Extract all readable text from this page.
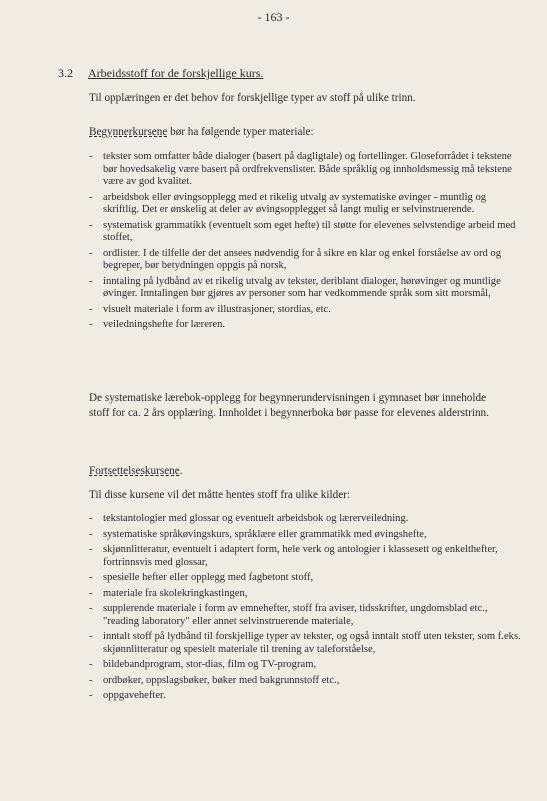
- 163 -
3.2 Arbeidsstoff for de forskjellige kurs.

Til opplæringen er det behov for forskjellige typer av stoff på ulike trinn.

Begynnerkursene bør ha følgende typer materiale:
- tekster som omfatter både dialoger (basert på dagligtale) og fortellinger. Gloseforrådet i tekstene bør hovedsakelig være basert på ordfrekvenslister. Både språklig og innholdsmessig må tekstene være av god kvalitet.
- arbeidsbok eller øvingsopplegg med et rikelig utvalg av systematiske øvinger - muntlig og skriftlig. Det er ønskelig at deler av øvingsopplegget så langt mulig er selvinstruerende.
- systematisk grammatikk (eventuelt som eget hefte) til støtte for elevenes selvstendige arbeid med stoffet,
- ordlister. I de tilfelle der det ansees nødvendig for å sikre en klar og enkel forståelse av ord og begreper, bør betydningen oppgis på norsk,
- inntaling på lydbånd av et rikelig utvalg av tekster, deriblant dialoger, hørøvinger og muntlige øvinger. Inntalingen bør gjøres av personer som har vedkommende språk som sitt morsmål,
- visuelt materiale i form av illustrasjoner, stordias, etc.
- veiledningshefte for læreren.

De systematiske lærebok-opplegg for begynnerundervisningen i gymnaset bør inneholde stoff for ca. 2 års opplæring. Innholdet i begynnerboka bør passe for elevenes alderstrinn.

Fortsettelseskursene.
Til disse kursene vil det måtte hentes stoff fra ulike kilder:
- tekstantologier med glossar og eventuelt arbeidsbok og lærerveiledning.
- systematiske språkøvingskurs, språklære eller grammatikk med øvingshefte,
- skjønnlitteratur, eventuelt i adaptert form, hele verk og antologier i klassesett og enkelthefter, fortrinnsvis med glossar,
- spesielle hefter eller opplegg med fagbetont stoff,
- materiale fra skolekringkastingen,
- supplerende materiale i form av emnehefter, stoff fra aviser, tidsskrifter, ungdomsblad etc., "reading laboratory" eller annet selvinstruerende materiale,
- inntalt stoff på lydbånd til forskjellige typer av tekster, og også inntalt stoff uten tekster, som f.eks. skjønnlitteratur og spesielt materiale til trening av taleforståelse,
- bildebandprogram, stor-dias, film og TV-program,
- ordbøker, oppslagsbøker, bøker med bakgrunnstoff etc.,
- oppgavehefter.
